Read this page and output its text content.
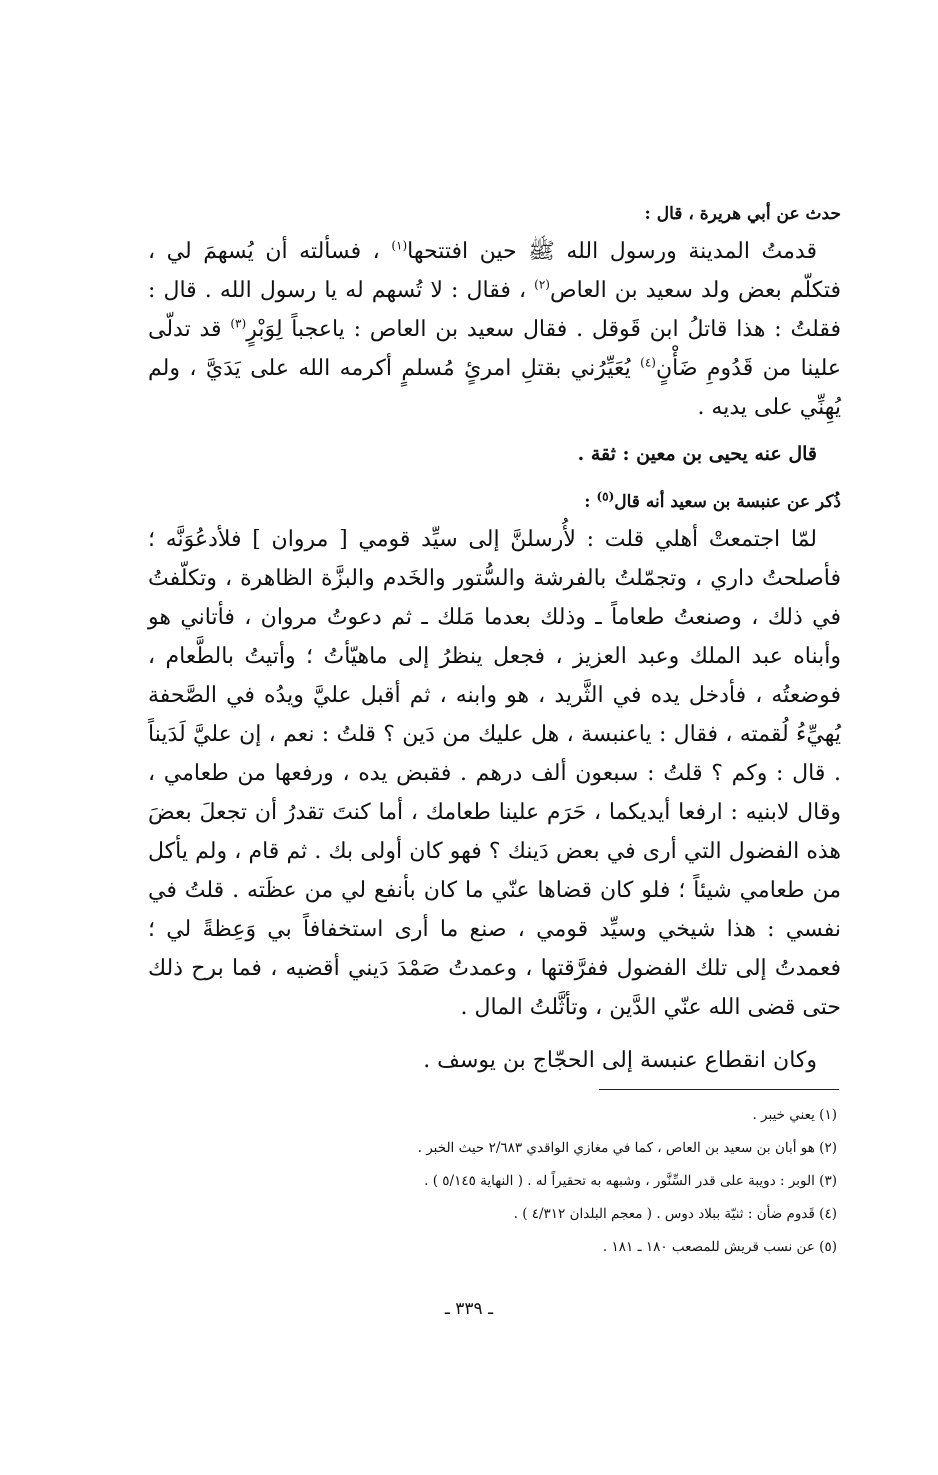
حدث عن أبي هريرة ، قال :

قدمتُ المدينة ورسول الله ﷺ حين افتتحها$^{(١)}$ ، فسألته أن يُسهمَ لي ، فتكلّم بعض ولد سعيد بن العاص$^{(٢)}$ ، فقال : لا تُسهم له يا رسول الله . قال : فقلتُ : هذا قاتلُ ابن قَوقل . فقال سعيد بن العاص : ياعجباً لِوَبْرٍ$^{(٣)}$ قد تدلّى علينا من قَدُومِ ضَأْنٍ$^{(٤)}$ يُعَيِّرُني بقتلِ امرئٍ مُسلمٍ أكرمه الله على يَدَيَّ ، ولم يُهِنِّي على يديه .

قال عنه يحيى بن معين : ثقة .

ذُكر عن عنبسة بن سعيد أنه قال$^{(٥)}$ :

لمّا اجتمعتْ أهلي قلت : لأُرسلنَّ إلى سيِّد قومي [ مروان ] فلأدعُوَنَّه ؛ فأصلحتُ داري ، وتجمّلتُ بالفرشة والسُّتور والخَدم والبزَّة الظاهرة ، وتكلّفتُ في ذلك ، وصنعتُ طعاماً ـ وذلك بعدما مَلك ـ ثم دعوتُ مروان ، فأتاني هو وأبناه عبد الملك وعبد العزيز ، فجعل ينظرُ إلى ماهيّأتُ ؛ وأتيتُ بالطَّعام ، فوضعتُه ، فأدخل يده في الثَّريد ، هو وابنه ، ثم أقبل عليَّ ويدُه في الصَّحفة يُهيِّءُ لُقمته ، فقال : ياعنبسة ، هل عليك من دَين ؟ قلتُ : نعم ، إن عليَّ لَدَيناً . قال : وكم ؟ قلتُ : سبعون ألف درهم . فقبض يده ، ورفعها من طعامي ، وقال لابنيه : ارفعا أيديكما ، حَرَم علينا طعامك ، أما كنتَ تقدرُ أن تجعلَ بعضَ هذه الفضول التي أرى في بعض دَينك ؟ فهو كان أولى بك . ثم قام ، ولم يأكل من طعامي شيئاً ؛ فلو كان قضاها عنّي ما كان بأنفع لي من عظَته . قلتُ في نفسي : هذا شيخي وسيِّد قومي ، صنع ما أرى استخفافاً بي وَعِظةً لي ؛ فعمدتُ إلى تلك الفضول ففرَّقتها ، وعمدتُ صَمْدَ دَيني أقضيه ، فما برح ذلك حتى قضى الله عنّي الدَّين ، وتأثَّلتُ المال .

وكان انقطاع عنبسة إلى الحجّاج بن يوسف .

(١) يعني خيبر .

(٢) هو أبان بن سعيد بن العاص ، كما في مغازي الواقدي ٢/٦٨٣ حيث الخبر .

(٣) الوبر : دويبة على قدر السِّنَّور ، وشبهه به تحقيراً له . ( النهاية ٥/١٤٥ ) .

(٤) قَدوم ضأن : ثنيّة ببلاد دوس . ( معجم البلدان ٤/٣١٢ ) .

(٥) عن نسب قريش للمصعب ١٨٠ ـ ١٨١ .

ـ ٣٣٩ ـ
